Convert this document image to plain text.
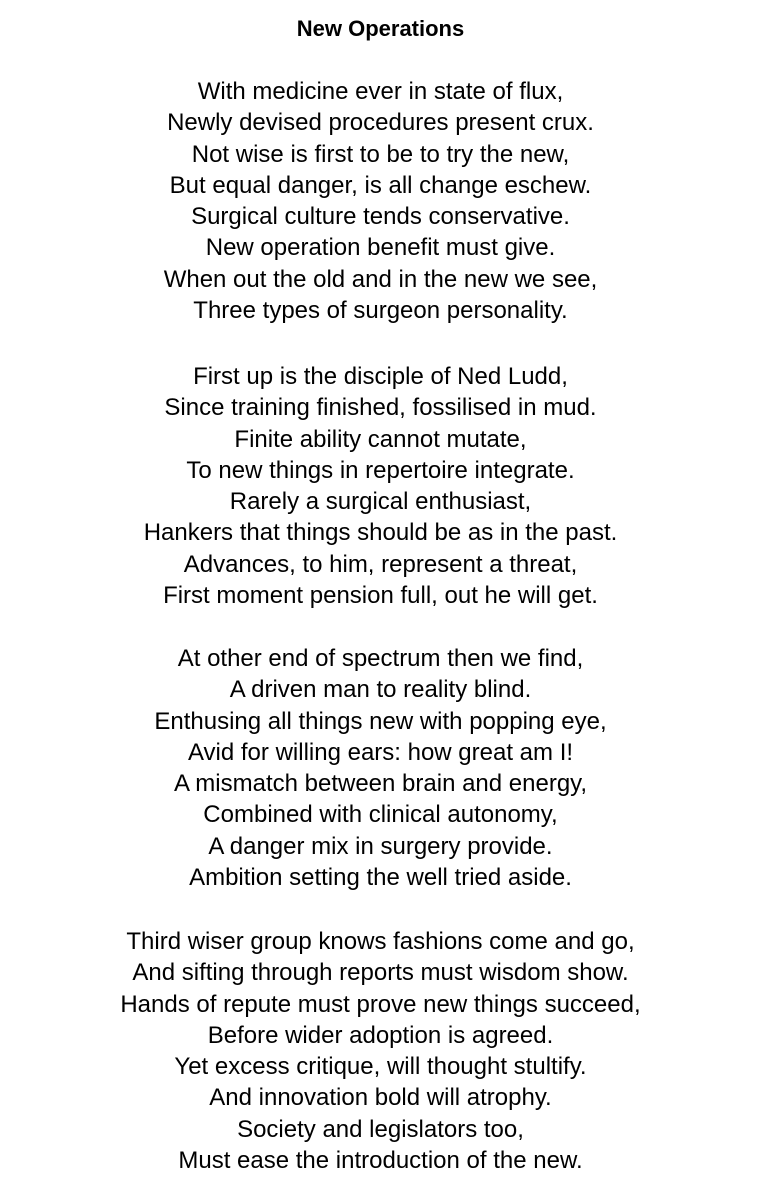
New Operations
With medicine ever in state of flux,
Newly devised procedures present crux.
Not wise is first to be to try the new,
But equal danger, is all change eschew.
Surgical culture tends conservative.
New operation benefit must give.
When out the old and in the new we see,
Three types of surgeon personality.
First up is the disciple of Ned Ludd,
Since training finished, fossilised in mud.
Finite ability cannot mutate,
To new things in repertoire integrate.
Rarely a surgical enthusiast,
Hankers that things should be as in the past.
Advances, to him, represent a threat,
First moment pension full, out he will get.
At other end of spectrum then we find,
A driven man to reality blind.
Enthusing all things new with popping eye,
Avid for willing ears: how great am I!
A mismatch between brain and energy,
Combined with clinical autonomy,
A danger mix in surgery provide.
Ambition setting the well tried aside.
Third wiser group knows fashions come and go,
And sifting through reports must wisdom show.
Hands of repute must prove new things succeed,
Before wider adoption is agreed.
Yet excess critique, will thought stultify.
And innovation bold will atrophy.
Society and legislators too,
Must ease the introduction of the new.
